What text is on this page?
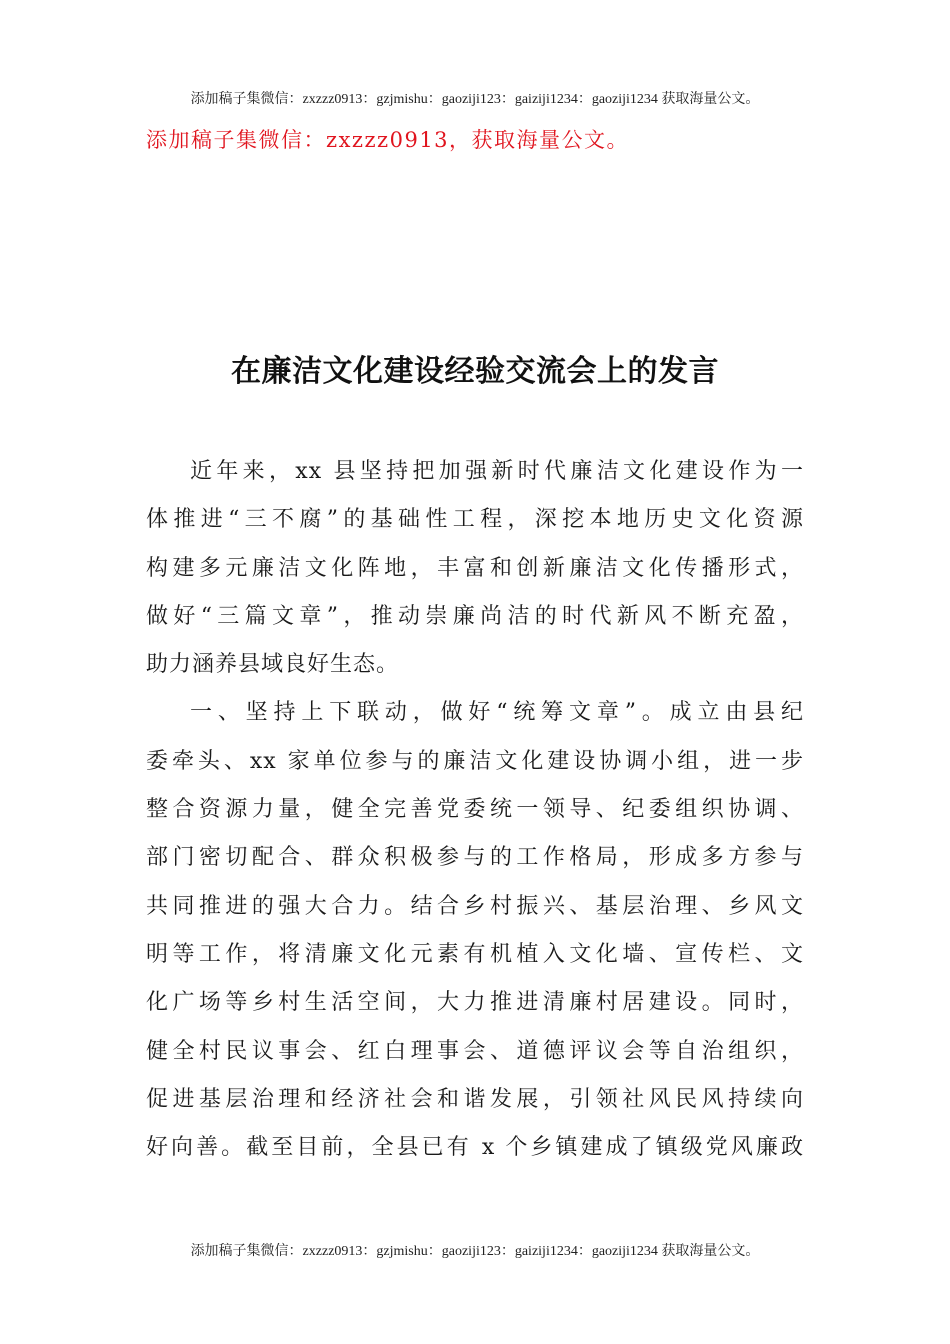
添加稿子集微信：zxzzz0913：gzjmishu：gaoziji123：gaiziji1234：gaoziji1234 获取海量公文。
添加稿子集微信：zxzzz0913，获取海量公文。
在廉洁文化建设经验交流会上的发言
近年来，xx 县坚持把加强新时代廉洁文化建设作为一
体推进“三不腐”的基础性工程，深挖本地历史文化资源
构建多元廉洁文化阵地，丰富和创新廉洁文化传播形式，
做好“三篇文章”，推动崇廉尚洁的时代新风不断充盈，
助力涵养县域良好生态。
一、坚持上下联动，做好“统筹文章”。成立由县纪
委牵头、xx 家单位参与的廉洁文化建设协调小组，进一步
整合资源力量，健全完善党委统一领导、纪委组织协调、
部门密切配合、群众积极参与的工作格局，形成多方参与
共同推进的强大合力。结合乡村振兴、基层治理、乡风文
明等工作，将清廉文化元素有机植入文化墙、宣传栏、文
化广场等乡村生活空间，大力推进清廉村居建设。同时，
健全村民议事会、红白理事会、道德评议会等自治组织，
促进基层治理和经济社会和谐发展，引领社风民风持续向
好向善。截至目前，全县已有 x 个乡镇建成了镇级党风廉政
添加稿子集微信：zxzzz0913：gzjmishu：gaoziji123：gaiziji1234：gaoziji1234 获取海量公文。
